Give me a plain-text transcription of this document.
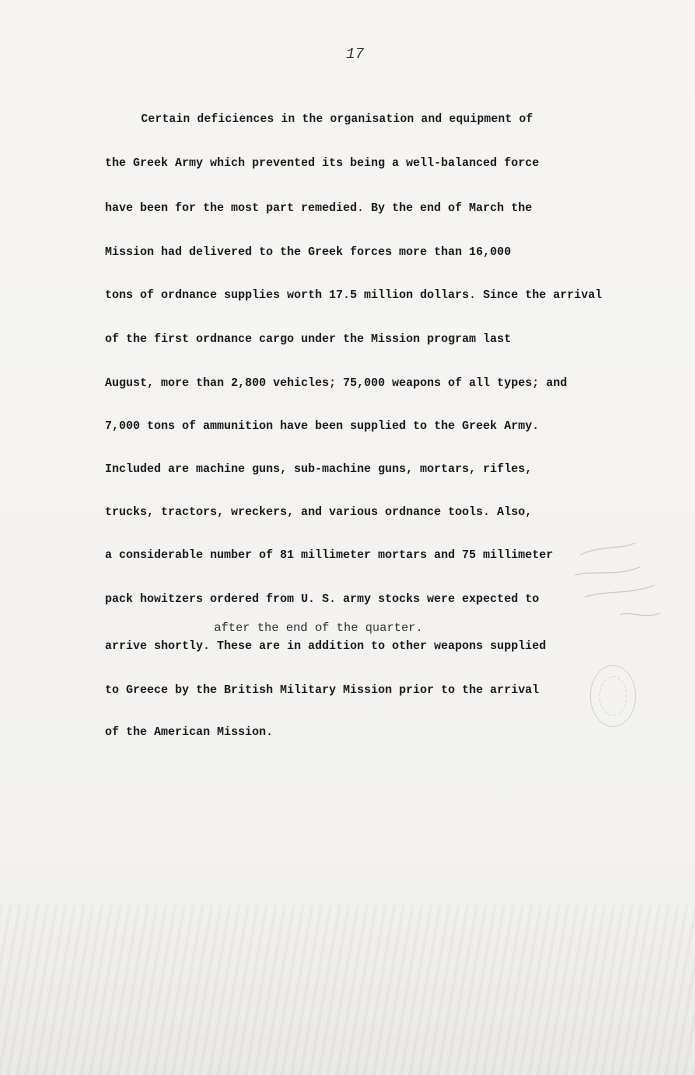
17
Certain deficiences in the organisation and equipment of
the Greek Army which prevented its being a well-balanced force
have been for the most part remedied. By the end of March the
Mission had delivered to the Greek forces more than 16,000
tons of ordnance supplies worth 17.5 million dollars. Since the arrival
of the first ordnance cargo under the Mission program last
August, more than 2,800 vehicles; 75,000 weapons of all types; and
7,000 tons of ammunition have been supplied to the Greek Army.
Included are machine guns, sub-machine guns, mortars, rifles,
trucks, tractors, wreckers, and various ordnance tools. Also,
a considerable number of 81 millimeter mortars and 75 millimeter
pack howitzers ordered from U. S. army stocks were expected to
after the end of the quarter.
arrive shortly. These are in addition to other weapons supplied
to Greece by the British Military Mission prior to the arrival
of the American Mission.
